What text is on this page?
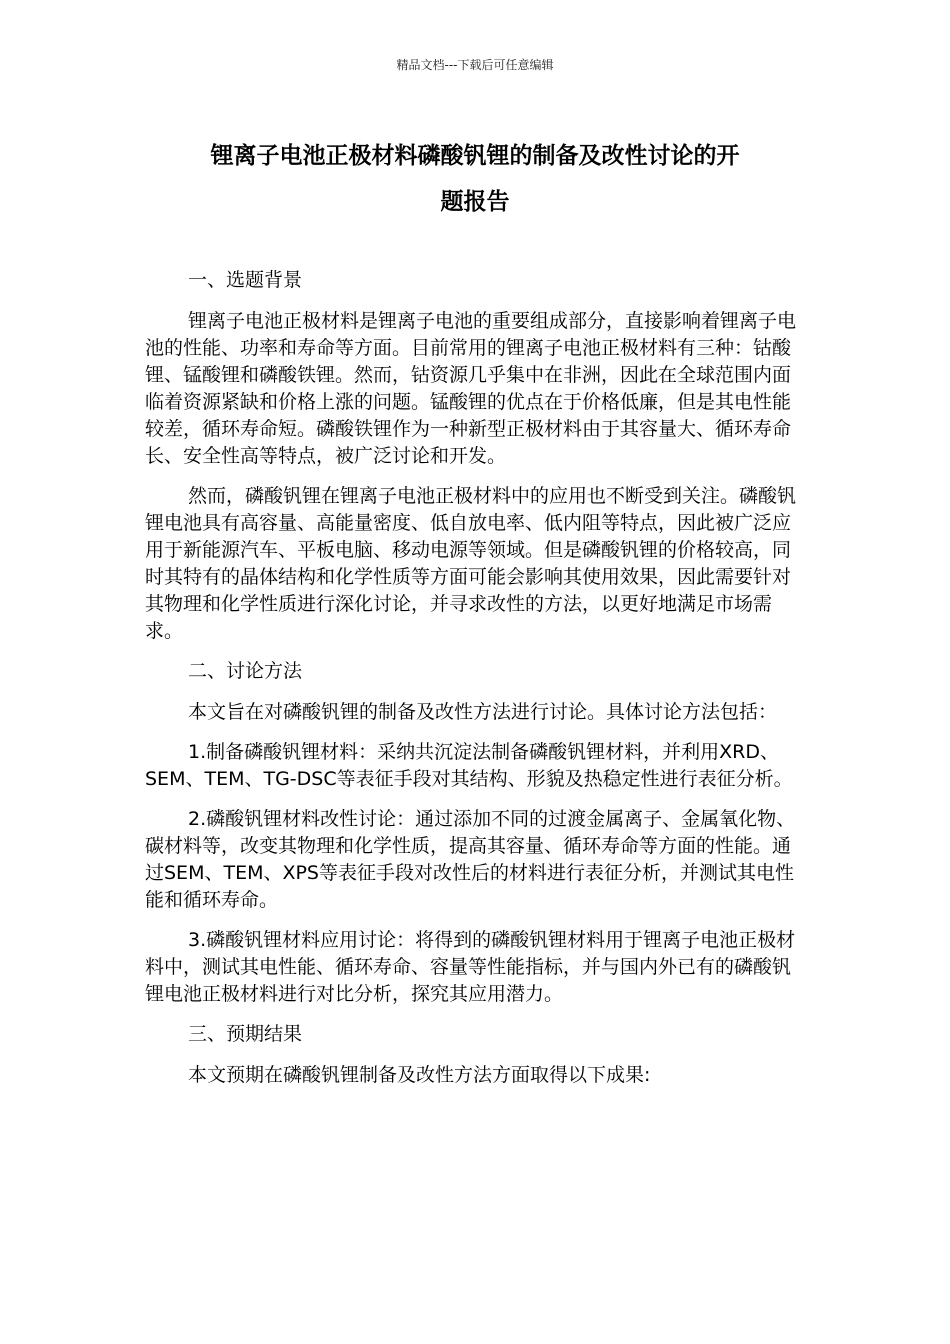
精品文档---下载后可任意编辑
锂离子电池正极材料磷酸钒锂的制备及改性讨论的开
题报告

一、选题背景

锂离子电池正极材料是锂离子电池的重要组成部分，直接影响着锂离子电池的性能、功率和寿命等方面。目前常用的锂离子电池正极材料有三种：钴酸锂、锰酸锂和磷酸铁锂。然而，钴资源几乎集中在非洲，因此在全球范围内面临着资源紧缺和价格上涨的问题。锰酸锂的优点在于价格低廉，但是其电性能较差，循环寿命短。磷酸铁锂作为一种新型正极材料由于其容量大、循环寿命长、安全性高等特点，被广泛讨论和开发。

然而，磷酸钒锂在锂离子电池正极材料中的应用也不断受到关注。磷酸钒锂电池具有高容量、高能量密度、低自放电率、低内阻等特点，因此被广泛应用于新能源汽车、平板电脑、移动电源等领域。但是磷酸钒锂的价格较高，同时其特有的晶体结构和化学性质等方面可能会影响其使用效果，因此需要针对其物理和化学性质进行深化讨论，并寻求改性的方法，以更好地满足市场需求。

二、讨论方法

本文旨在对磷酸钒锂的制备及改性方法进行讨论。具体讨论方法包括：

1.制备磷酸钒锂材料：采纳共沉淀法制备磷酸钒锂材料，并利用XRD、SEM、TEM、TG-DSC等表征手段对其结构、形貌及热稳定性进行表征分析。

2.磷酸钒锂材料改性讨论：通过添加不同的过渡金属离子、金属氧化物、碳材料等，改变其物理和化学性质，提高其容量、循环寿命等方面的性能。通过SEM、TEM、XPS等表征手段对改性后的材料进行表征分析，并测试其电性能和循环寿命。

3.磷酸钒锂材料应用讨论：将得到的磷酸钒锂材料用于锂离子电池正极材料中，测试其电性能、循环寿命、容量等性能指标，并与国内外已有的磷酸钒锂电池正极材料进行对比分析，探究其应用潜力。

三、预期结果

本文预期在磷酸钒锂制备及改性方法方面取得以下成果:
